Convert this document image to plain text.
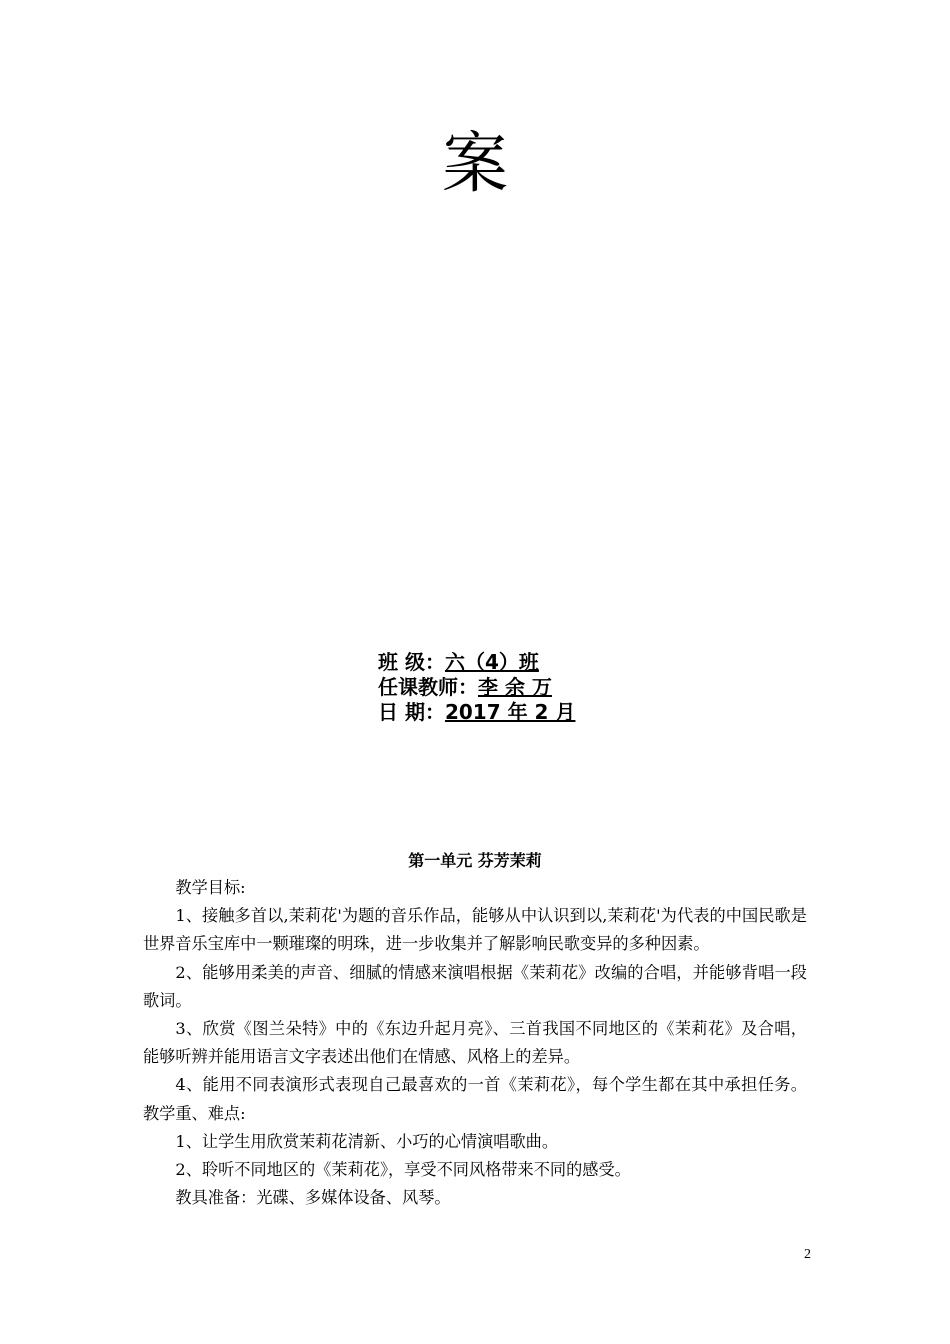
案
班 级：六（4）班
任课教师：李 余 万
日 期：2017 年 2 月
第一单元 芬芳茉莉

教学目标:

1、接触多首以‚茉莉花'为题的音乐作品，能够从中认识到以‚茉莉花'为代表的中国民歌是世界音乐宝库中一颗璀璨的明珠，进一步收集并了解影响民歌变异的多种因素。

2、能够用柔美的声音、细腻的情感来演唱根据《茉莉花》改编的合唱，并能够背唱一段歌词。

3、欣赏《图兰朵特》中的《东边升起月亮》、三首我国不同地区的《茉莉花》及合唱，能够听辨并能用语言文字表述出他们在情感、风格上的差异。

4、能用不同表演形式表现自己最喜欢的一首《茉莉花》，每个学生都在其中承担任务。 教学重、难点:

1、让学生用欣赏茉莉花清新、小巧的心情演唱歌曲。

2、聆听不同地区的《茉莉花》，享受不同风格带来不同的感受。

教具准备：光碟、多媒体设备、风琴。

2
